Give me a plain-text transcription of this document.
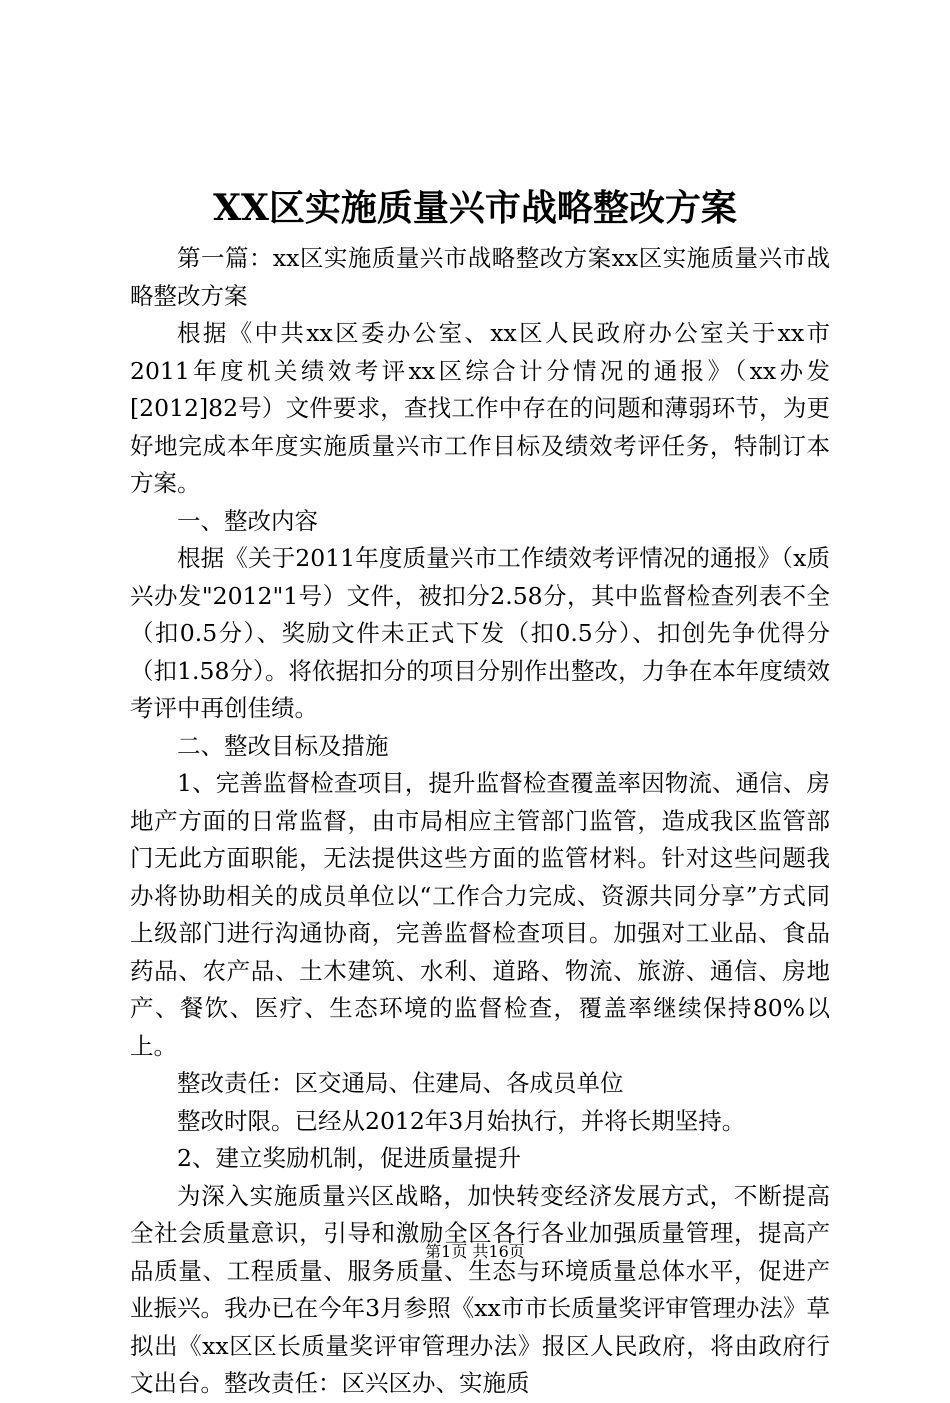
XX区实施质量兴市战略整改方案

第一篇：xx区实施质量兴市战略整改方案xx区实施质量兴市战略整改方案

根据《中共xx区委办公室、xx区人民政府办公室关于xx市2011年度机关绩效考评xx区综合计分情况的通报》（xx办发[2012]82号）文件要求，查找工作中存在的问题和薄弱环节，为更好地完成本年度实施质量兴市工作目标及绩效考评任务，特制订本方案。

一、整改内容

根据《关于2011年度质量兴市工作绩效考评情况的通报》（x质兴办发"2012"1号）文件，被扣分2.58分，其中监督检查列表不全（扣0.5分）、奖励文件未正式下发（扣0.5分）、扣创先争优得分（扣1.58分）。将依据扣分的项目分别作出整改，力争在本年度绩效考评中再创佳绩。

二、整改目标及措施

1、完善监督检查项目，提升监督检查覆盖率因物流、通信、房地产方面的日常监督，由市局相应主管部门监管，造成我区监管部门无此方面职能，无法提供这些方面的监管材料。针对这些问题我办将协助相关的成员单位以“工作合力完成、资源共同分享”方式同上级部门进行沟通协商，完善监督检查项目。加强对工业品、食品药品、农产品、土木建筑、水利、道路、物流、旅游、通信、房地产、餐饮、医疗、生态环境的监督检查，覆盖率继续保持80%以上。

整改责任：区交通局、住建局、各成员单位

整改时限。已经从2012年3月始执行，并将长期坚持。

2、建立奖励机制，促进质量提升

为深入实施质量兴区战略，加快转变经济发展方式，不断提高全社会质量意识，引导和激励全区各行各业加强质量管理，提高产品质量、工程质量、服务质量、生态与环境质量总体水平，促进产业振兴。我办已在今年3月参照《xx市市长质量奖评审管理办法》草拟出《xx区区长质量奖评审管理办法》报区人民政府，将由政府行文出台。整改责任：区兴区办、实施质

第1页 共16页
